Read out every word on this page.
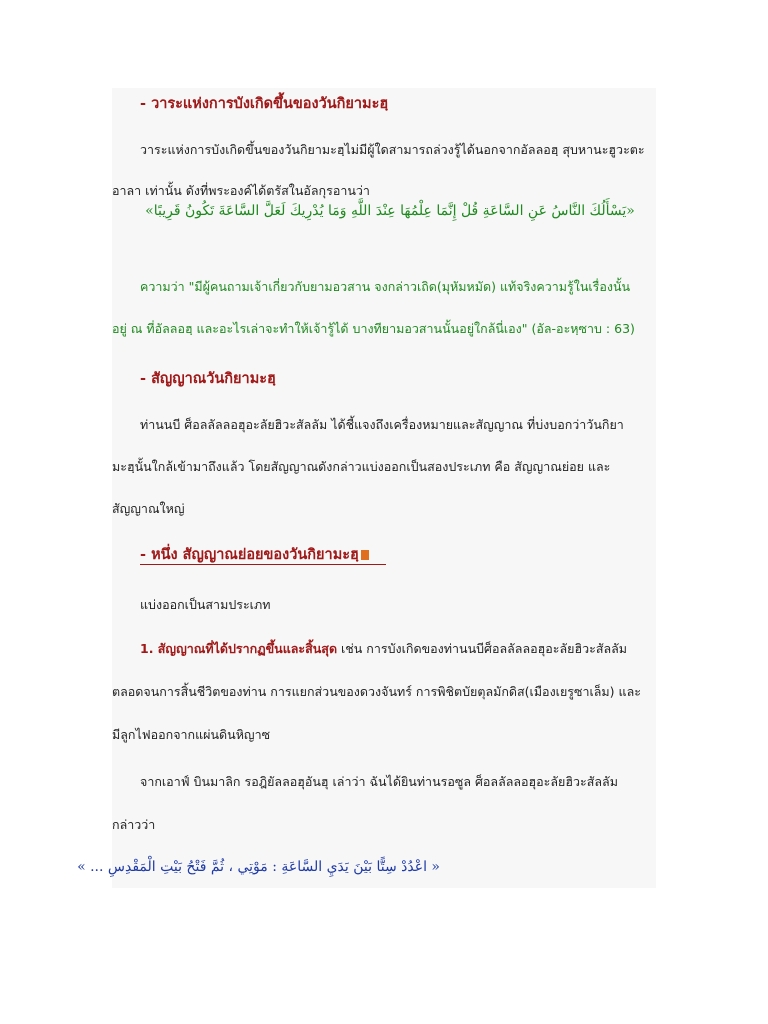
- วาระแห่งการบังเกิดขึ้นของวันกิยามะฮฺ
วาระแห่งการบังเกิดขึ้นของวันกิยามะฮฺไม่มีผู้ใดสามารถล่วงรู้ได้นอกจากอัลลอฮฺ สุบหานะฮูวะตะ
อาลา เท่านั้น ดังที่พระองค์ได้ตรัสในอัลกุรอานว่า
«يَسْأَلُكَ النَّاسُ عَنِ السَّاعَةِ قُلْ إِنَّمَا عِلْمُهَا عِنْدَ اللَّهِ وَمَا يُدْرِيكَ لَعَلَّ السَّاعَةَ تَكُونُ قَرِيبًا»
ความว่า "มีผู้คนถามเจ้าเกี่ยวกับยามอวสาน จงกล่าวเถิด(มุหัมหมัด) แท้จริงความรู้ในเรื่องนั้น
อยู่ ณ ที่อัลลอฮฺ และอะไรเล่าจะทำให้เจ้ารู้ได้ บางทียามอวสานนั้นอยู่ใกล้นี่เอง" (อัล-อะหฺซาบ : 63)
- สัญญาณวันกิยามะฮฺ
ท่านนบี ศ็อลลัลลอฮุอะลัยฮิวะสัลลัม ได้ชี้แจงถึงเครื่องหมายและสัญญาณ ที่บ่งบอกว่าวันกิยา
มะฮฺนั้นใกล้เข้ามาถึงแล้ว โดยสัญญาณดังกล่าวแบ่งออกเป็นสองประเภท คือ สัญญาณย่อย และ
สัญญาณใหญ่
- หนึ่ง สัญญาณย่อยของวันกิยามะฮฺ
แบ่งออกเป็นสามประเภท
1. สัญญาณที่ได้ปรากฏขึ้นและสิ้นสุด เช่น การบังเกิดของท่านนบีศ็อลลัลลอฮุอะลัยฮิวะสัลลัม
ตลอดจนการสิ้นชีวิตของท่าน การแยกส่วนของดวงจันทร์ การพิชิตบัยตุลมักดิส(เมืองเยรูซาเล็ม) และ
มีลูกไฟออกจากแผ่นดินหิญาซ
จากเอาฟ์ บินมาลิก รอฎิยัลลอฮุอันฮุ เล่าว่า ฉันได้ยินท่านรอซูล ศ็อลลัลลอฮุอะลัยฮิวะสัลลัม
กล่าวว่า
« اعْدُدْ سِتًّا بَيْنَ يَدَيِ السَّاعَةِ : مَوْتِي ، ثُمَّ فَتْحُ بَيْتِ الْمَقْدِسِ ... »
